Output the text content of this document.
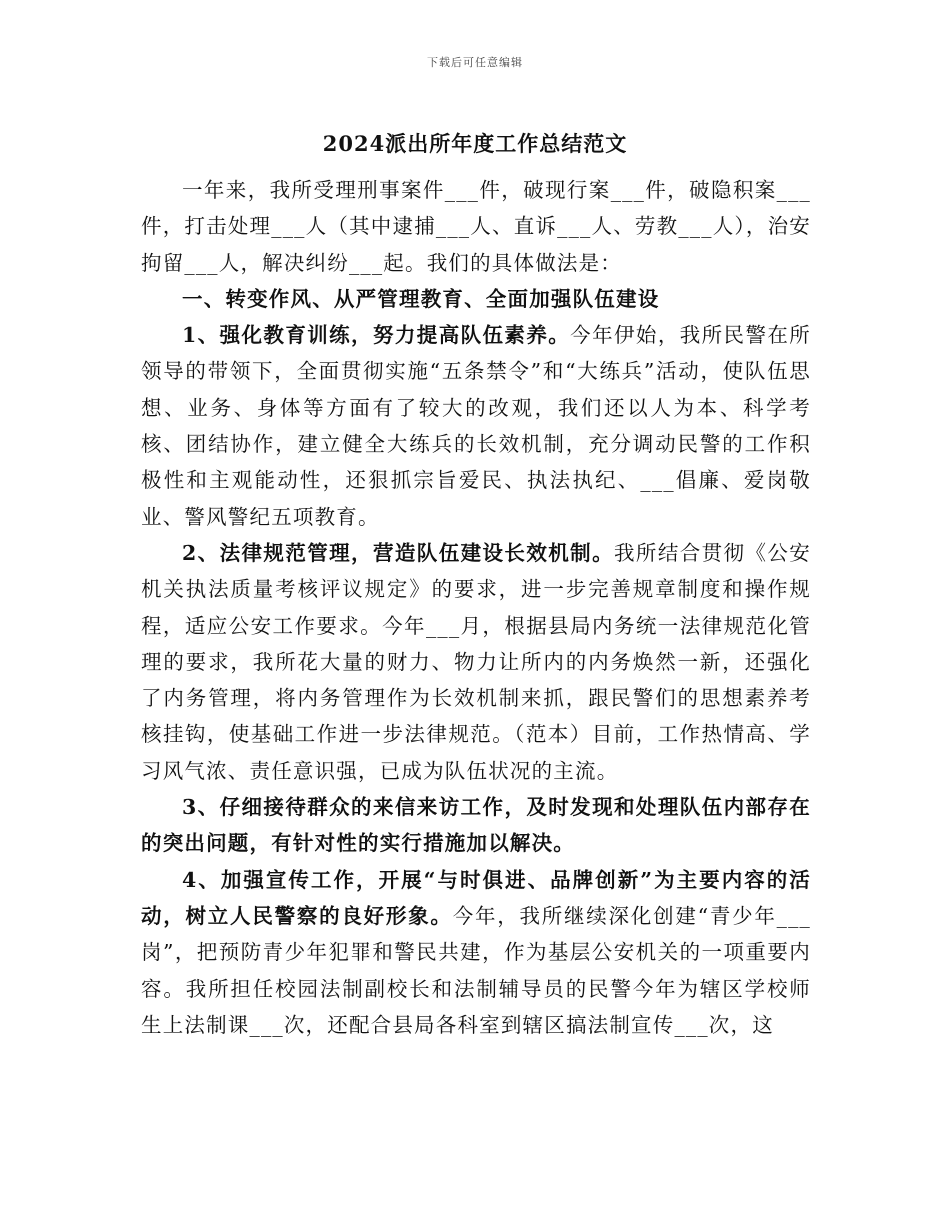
下载后可任意编辑
2024派出所年度工作总结范文

一年来，我所受理刑事案件___件，破现行案___件，破隐积案___件，打击处理___人（其中逮捕___人、直诉___人、劳教___人），治安拘留___人，解决纠纷___起。我们的具体做法是：

一、转变作风、从严管理教育、全面加强队伍建设

1、强化教育训练，努力提高队伍素养。今年伊始，我所民警在所领导的带领下，全面贯彻实施“五条禁令”和“大练兵”活动，使队伍思想、业务、身体等方面有了较大的改观，我们还以人为本、科学考核、团结协作，建立健全大练兵的长效机制，充分调动民警的工作积极性和主观能动性，还狠抓宗旨爱民、执法执纪、___倡廉、爱岗敬业、警风警纪五项教育。

2、法律规范管理，营造队伍建设长效机制。我所结合贯彻《公安机关执法质量考核评议规定》的要求，进一步完善规章制度和操作规程，适应公安工作要求。今年___月，根据县局内务统一法律规范化管理的要求，我所花大量的财力、物力让所内的内务焕然一新，还强化了内务管理，将内务管理作为长效机制来抓，跟民警们的思想素养考核挂钩，使基础工作进一步法律规范。（范本）目前，工作热情高、学习风气浓、责任意识强，已成为队伍状况的主流。

3、仔细接待群众的来信来访工作，及时发现和处理队伍内部存在的突出问题，有针对性的实行措施加以解决。

4、加强宣传工作，开展“与时俱进、品牌创新”为主要内容的活动，树立人民警察的良好形象。今年，我所继续深化创建“青少年___岗”，把预防青少年犯罪和警民共建，作为基层公安机关的一项重要内容。我所担任校园法制副校长和法制辅导员的民警今年为辖区学校师生上法制课___次，还配合县局各科室到辖区搞法制宣传___次，这
